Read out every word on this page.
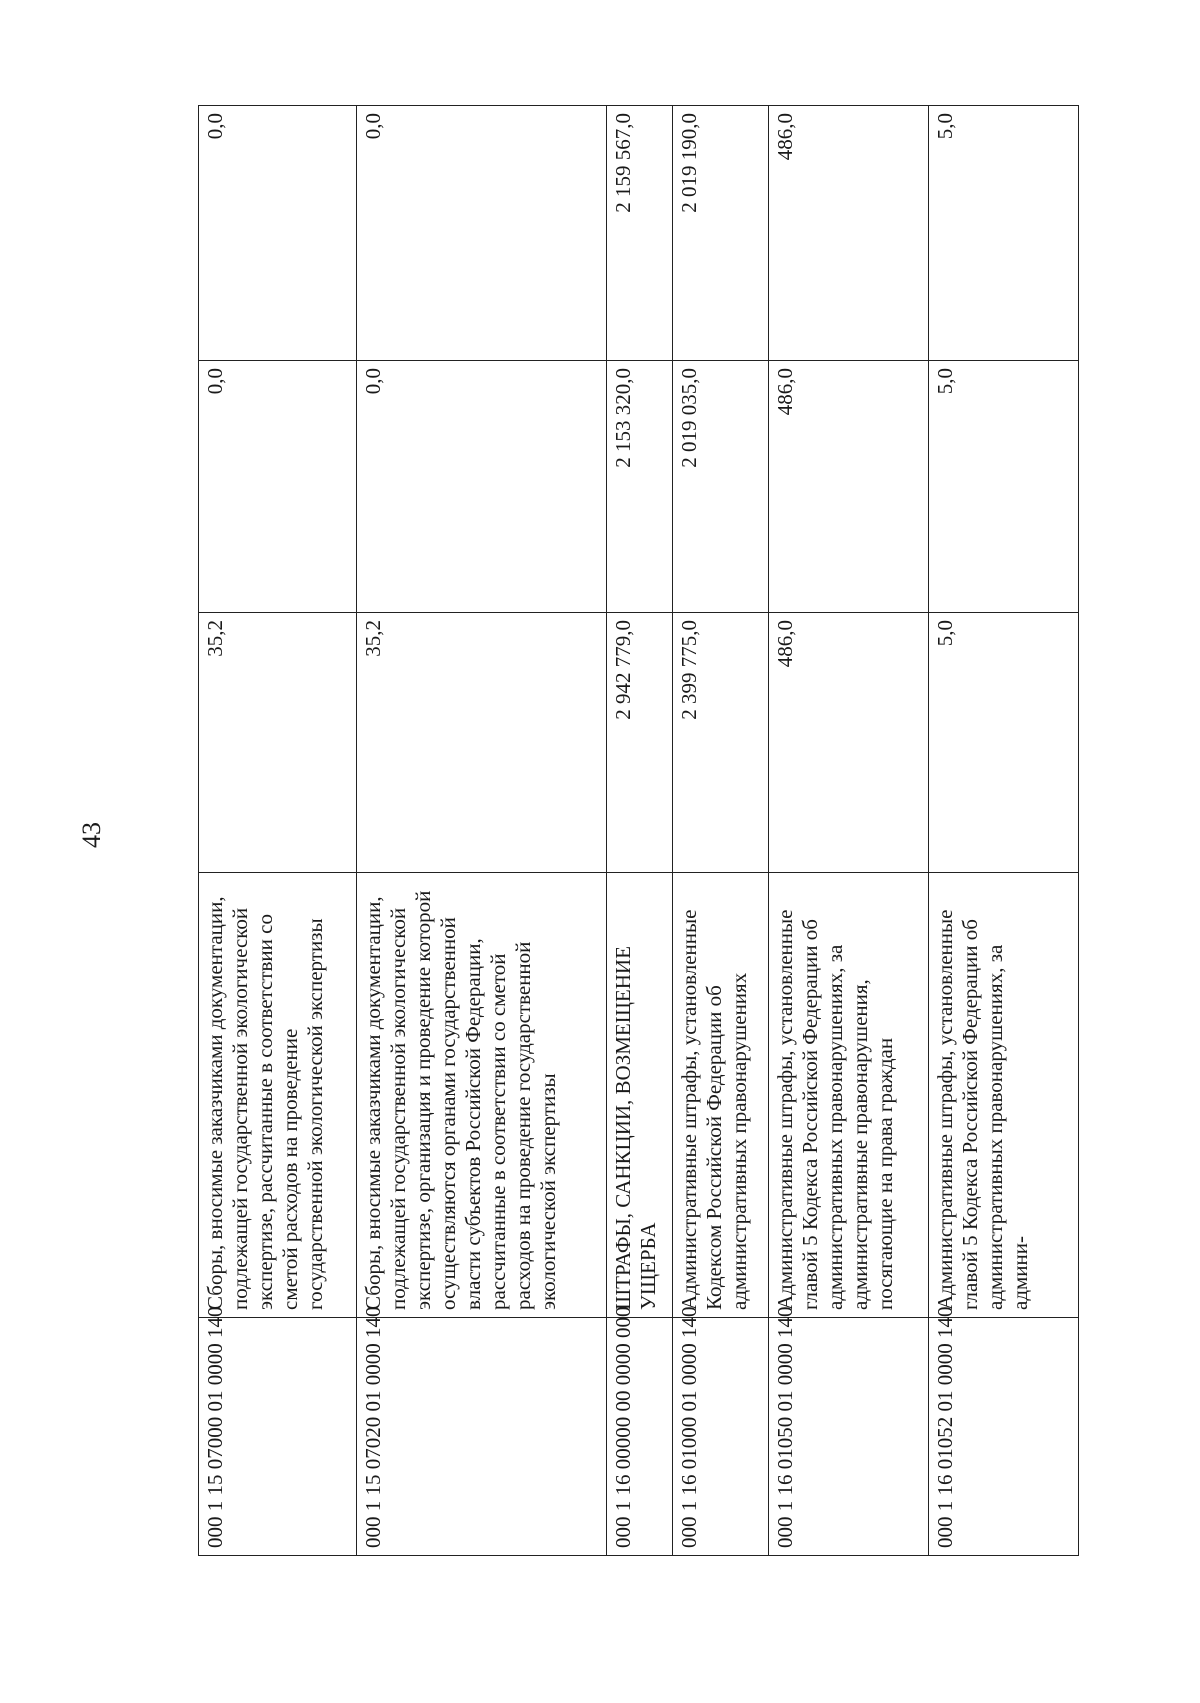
43
000 1 15 07000 01 0000 140	Сборы, вносимые заказчиками документации, подлежащей государственной экологической экспертизе, рассчитанные в соответствии со сметой расходов на проведение государственной экологической экспертизы	35,2	0,0	0,0
000 1 15 07020 01 0000 140	Сборы, вносимые заказчиками документации, подлежащей государственной экологической экспертизе, организация и проведение которой осуществляются органами государственной власти субъектов Российской Федерации, рассчитанные в соответствии со сметой расходов на проведение государственной экологической экспертизы	35,2	0,0	0,0
000 1 16 00000 00 0000 000	ШТРАФЫ, САНКЦИИ, ВОЗМЕЩЕНИЕ УЩЕРБА	2 942 779,0	2 153 320,0	2 159 567,0
000 1 16 01000 01 0000 140	Административные штрафы, установленные Кодексом Российской Федерации об административных правонарушениях	2 399 775,0	2 019 035,0	2 019 190,0
000 1 16 01050 01 0000 140	Административные штрафы, установленные главой 5 Кодекса Российской Федерации об административных правонарушениях, за административные правонарушения, посягающие на права граждан	486,0	486,0	486,0
000 1 16 01052 01 0000 140	Административные штрафы, установленные главой 5 Кодекса Российской Федерации об административных правонарушениях, за админи-	5,0	5,0	5,0
